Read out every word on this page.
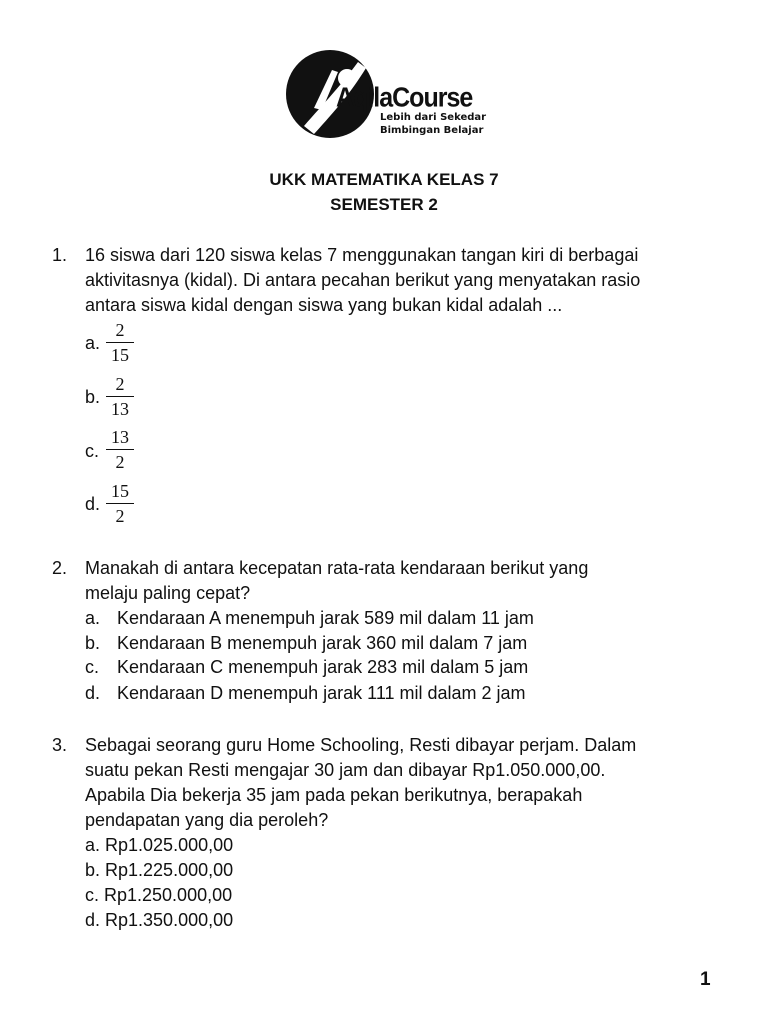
AqilaCourse
Lebih dari Sekedar
Bimbingan Belajar
UKK MATEMATIKA KELAS 7
SEMESTER 2
1. 16 siswa dari 120 siswa kelas 7 menggunakan tangan kiri di berbagai
aktivitasnya (kidal). Di antara pecahan berikut yang menyatakan rasio
antara siswa kidal dengan siswa yang bukan kidal adalah ...
a.
2
15
b.
2
13
c.
13
2
d.
15
2
2. Manakah di antara kecepatan rata-rata kendaraan berikut yang
melaju paling cepat?
a. Kendaraan A menempuh jarak 589 mil dalam 11 jam
b. Kendaraan B menempuh jarak 360 mil dalam 7 jam
c. Kendaraan C menempuh jarak 283 mil dalam 5 jam
d. Kendaraan D menempuh jarak 111 mil dalam 2 jam
3. Sebagai seorang guru Home Schooling, Resti dibayar perjam. Dalam
suatu pekan Resti mengajar 30 jam dan dibayar Rp1.050.000,00.
Apabila Dia bekerja 35 jam pada pekan berikutnya, berapakah
pendapatan yang dia peroleh?
a. Rp1.025.000,00
b. Rp1.225.000,00
c. Rp1.250.000,00
d. Rp1.350.000,00
1
